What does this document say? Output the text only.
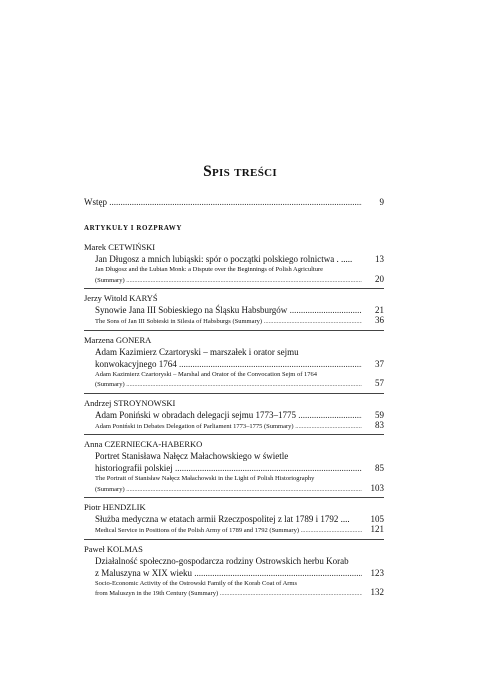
Spis treści
Wstęp .....	9
ARTYKUŁY I ROZPRAWY
Marek CETWIŃSKI
Jan Długosz a mnich lubiąski: spór o początki polskiego rolnictwa . .....	13
Jan Długosz and the Lubian Monk: a Dispute over the Beginnings of Polish Agriculture
(Summary) .....	20
Jerzy Witold KARYŚ
Synowie Jana III Sobieskiego na Śląsku Habsburgów .....	21
The Sons of Jan III Sobieski in Silesia of Habsburgs (Summary) .....	36
Marzena GONERA
Adam Kazimierz Czartoryski – marszałek i orator sejmu
konwokacyjnego 1764 .....	37
Adam Kazimierz Czartoryski – Marshal and Orator of the Convocation Sejm of 1764
(Summary) .....	57
Andrzej STROYNOWSKI
Adam Poniński w obradach delegacji sejmu 1773–1775 .....	59
Adam Poniński in Debates Delegation of Parliament 1773–1775 (Summary) .....	83
Anna CZERNIECKA-HABERKO
Portret Stanisława Nałęcz Małachowskiego w świetle
historiografii polskiej .....	85
The Portrait of Stanisław Nałęcz Małachowski in the Light of Polish Historiography
(Summary) .....	103
Piotr HENDZLIK
Służba medyczna w etatach armii Rzeczpospolitej z lat 1789 i 1792 ....	105
Medical Service in Positions of the Polish Army of 1789 and 1792 (Summary) .....	121
Paweł KOLMAS
Działalność społeczno-gospodarcza rodziny Ostrowskich herbu Korab
z Maluszyna w XIX wieku .....	123
Socio-Economic Activity of the Ostrowski Family of the Korab Coat of Arms
from Maluszyn in the 19th Century (Summary) .....	132
